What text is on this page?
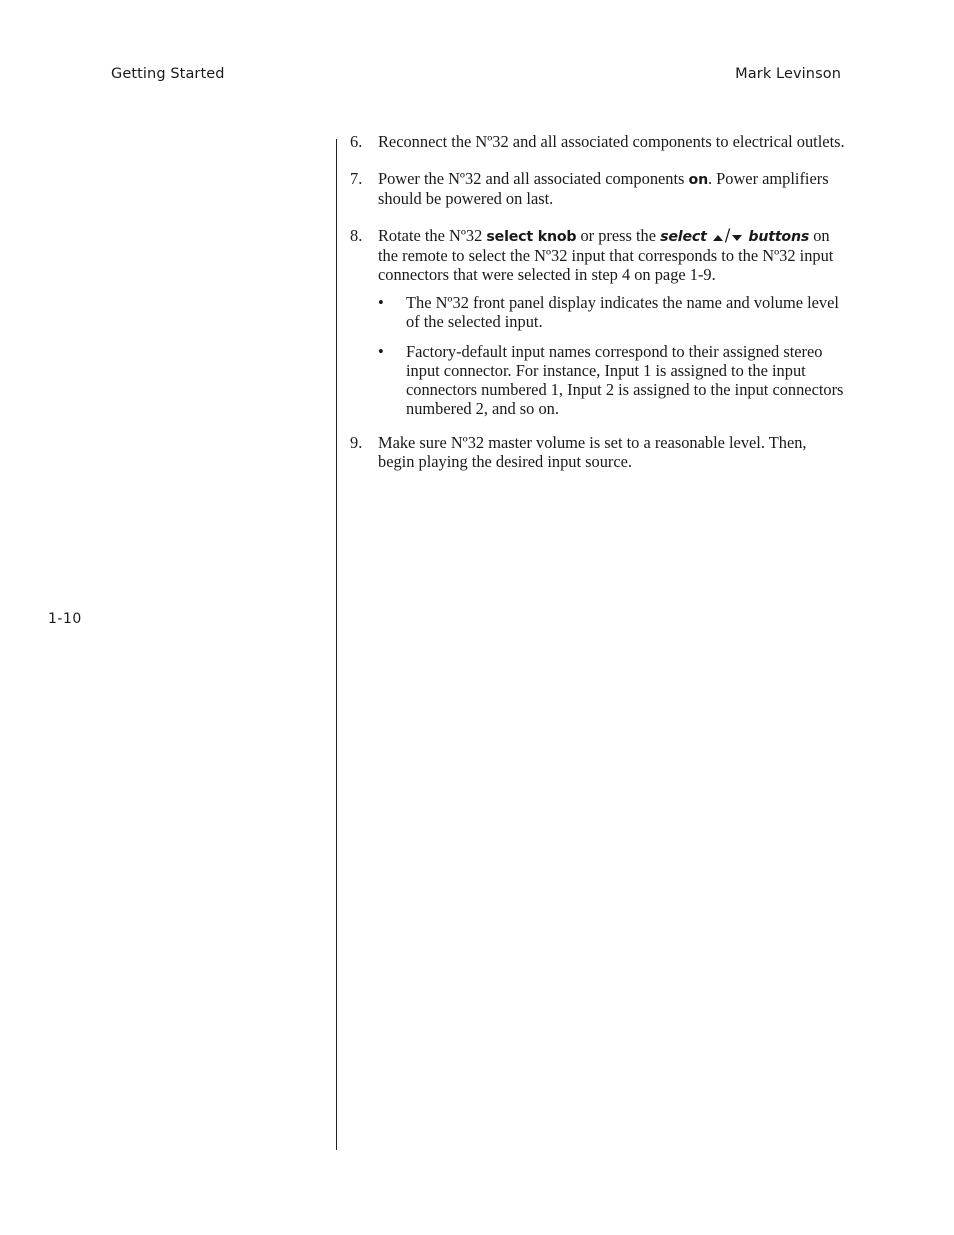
Getting Started	Mark Levinson
1-10
6. Reconnect the Nº32 and all associated components to electrical outlets.
7. Power the Nº32 and all associated components on. Power amplifiers should be powered on last.
8. Rotate the Nº32 select knob or press the select / buttons on the remote to select the Nº32 input that corresponds to the Nº32 input connectors that were selected in step 4 on page 1-9.
• The Nº32 front panel display indicates the name and volume level of the selected input.
• Factory-default input names correspond to their assigned stereo input connector. For instance, Input 1 is assigned to the input connectors numbered 1, Input 2 is assigned to the input connectors numbered 2, and so on.
9. Make sure Nº32 master volume is set to a reasonable level. Then, begin playing the desired input source.
